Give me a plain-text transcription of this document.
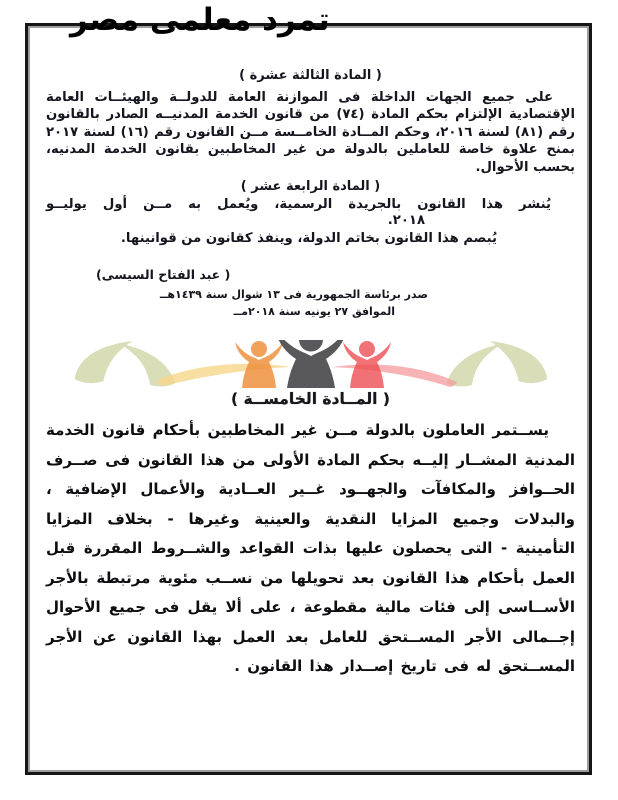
تمرد معلمى مصر
( المادة الثالثة عشرة )
على جميع الجهات الداخلة فى الموازنة العامة للدولــة والهيئــات العامة الإقتصادية الإلتزام بحكم المادة (٧٤) من قانون الخدمة المدنيــه الصادر بالقانون رقم (٨١) لسنة ٢٠١٦، وحكم المــادة الخامــسة مــن القانون رقم (١٦) لسنة ٢٠١٧ بمنح علاوة خاصة للعاملين بالدولة من غير المخاطبين بقانون الخدمة المدنيه، بحسب الأحوال.
( المادة الرابعة عشر )
يُنشر هذا القانون بالجريدة الرسمية، ويُعمل به مــن أول يوليــو
٢٠١٨.
يُبصم هذا القانون بخاتم الدولة، وينفذ كقانون من قوانينها.
( عبد الفتاح السيسى)
صدر برئاسة الجمهورية فى ١٣ شوال سنة ١٤٣٩هــ
الموافق ٢٧ يونيه سنة ٢٠١٨مــ
( المــادة الخامســة )
يســتمر العاملون بالدولة مــن غير المخاطبين بأحكام قانون الخدمة المدنية المشــار إليــه بحكم المادة الأولى من هذا القانون فى صــرف الحــوافز والمكافآت والجهــود غــير العــادية والأعمال الإضافية ، والبدلات وجميع المزايا النقدية والعينية وغيرها - بخلاف المزايا التأمينية - التى يحصلون عليها بذات القواعد والشــروط المقررة قبل العمل بأحكام هذا القانون بعد تحويلها من نســب مئوية مرتبطة بالأجر الأســاسى إلى فئات مالية مقطوعة ، على ألا يقل فى جميع الأحوال إجــمالى الأجر المســتحق للعامل بعد العمل بهذا القانون عن الأجر المســتحق له فى تاريخ إصــدار هذا القانون .
